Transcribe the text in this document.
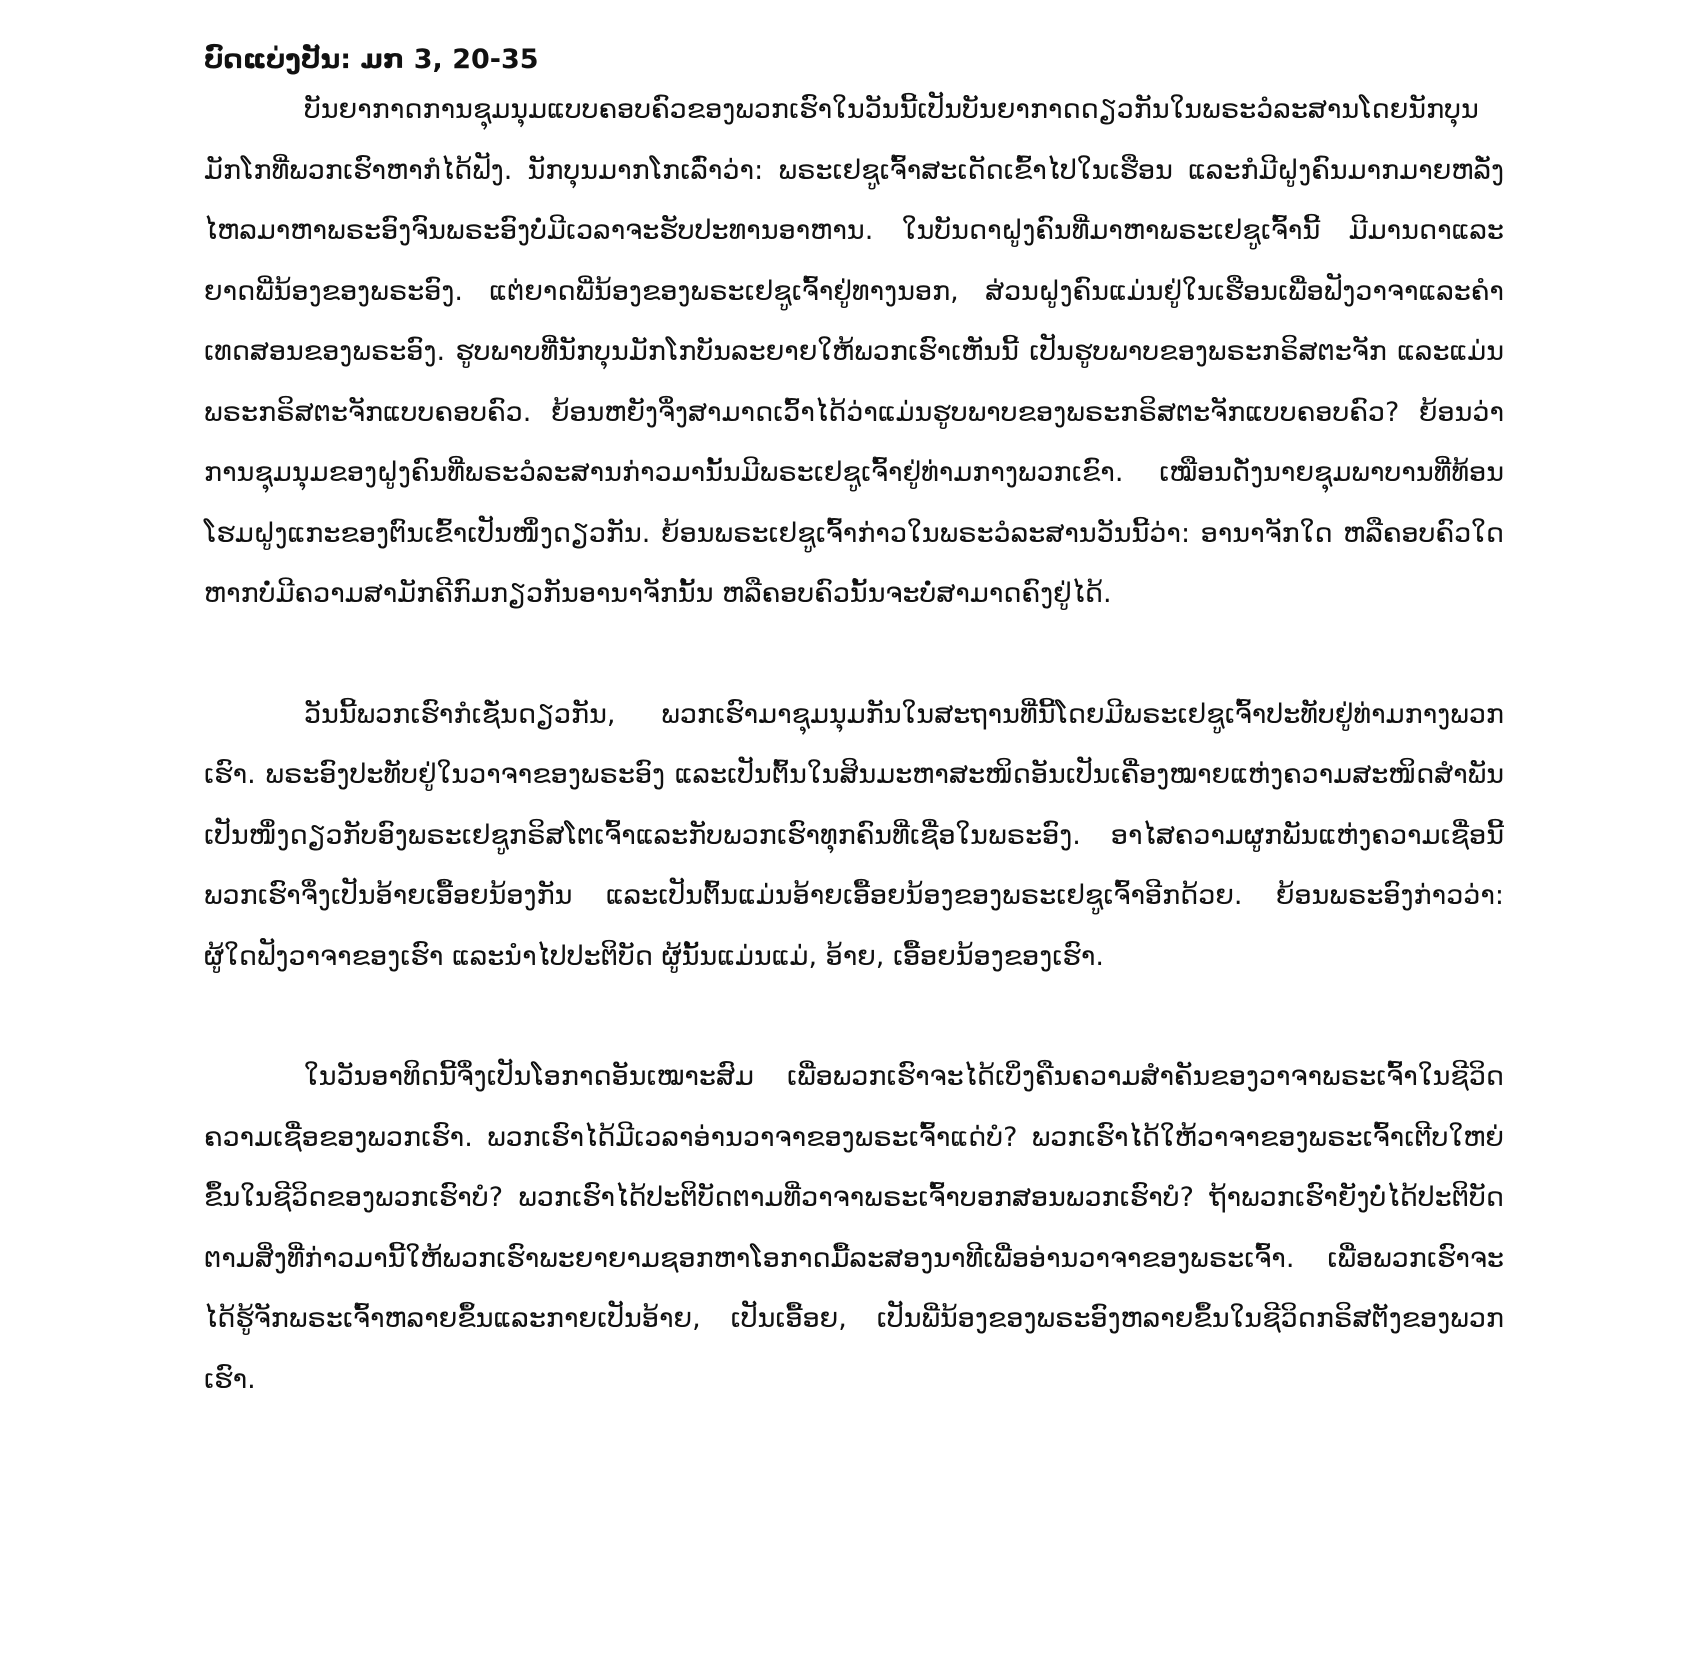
ບົດແບ່ງປັນ: ມກ 3, 20-35

ບັນຍາກາດການຊຸມນຸມແບບຄອບຄົວຂອງພວກເຮົາໃນວັນນີ້ເປັນບັນຍາກາດດຽວກັນໃນພຣະວໍລະສານໂດຍນັກບຸນມັກໂກທີ່ພວກເຮົາຫາກໍໄດ້ຟັງ. ນັກບຸນມາກໂກເລົ່າວ່າ: ພຣະເຢຊູເຈົ້າສະເດັດເຂົ້າໄປໃນເຮືອນ ແລະກໍມີຝູງຄົນມາກມາຍຫລັ່ງໄຫລມາຫາພຣະອົງຈົນພຣະອົງບໍ່ມີເວລາຈະຮັບປະທານອາຫານ. ໃນບັນດາຝູງຄົນທີ່ມາຫາພຣະເຢຊູເຈົ້ານີ້ ມີມານດາແລະຍາດພີ່ນ້ອງຂອງພຣະອົງ. ແຕ່ຍາດພີ່ນ້ອງຂອງພຣະເຢຊູເຈົ້າຢູ່ທາງນອກ, ສ່ວນຝູງຄົນແມ່ນຢູ່ໃນເຮືອນເພື່ອຟັງວາຈາແລະຄຳເທດສອນຂອງພຣະອົງ. ຮູບພາບທີ່ນັກບຸນມັກໂກບັນລະຍາຍໃຫ້ພວກເຮົາເຫັນນີ້ ເປັນຮູບພາບຂອງພຣະກຣິສຕະຈັກ ແລະແມ່ນພຣະກຣິສຕະຈັກແບບຄອບຄົວ. ຍ້ອນຫຍັງຈຶ່ງສາມາດເວົ້າໄດ້ວ່າແມ່ນຮູບພາບຂອງພຣະກຣິສຕະຈັກແບບຄອບຄົວ? ຍ້ອນວ່າການຊຸມນຸມຂອງຝູງຄົນທີ່ພຣະວໍລະສານກ່າວມານັ້ນມີພຣະເຢຊູເຈົ້າຢູ່ທ່າມກາງພວກເຂົາ. ເໝືອນດັ່ງນາຍຊຸມພາບານທີ່ທ້ອນໂຮມຝູງແກະຂອງຕົນເຂົ້າເປັນໜຶ່ງດຽວກັນ. ຍ້ອນພຣະເຢຊູເຈົ້າກ່າວໃນພຣະວໍລະສານວັນນີ້ວ່າ: ອານາຈັກໃດ ຫລືຄອບຄົວໃດຫາກບໍ່ມີຄວາມສາມັກຄີກົມກຽວກັນອານາຈັກນັ້ນ ຫລືຄອບຄົວນັ້ນຈະບໍ່ສາມາດຄົງຢູ່ໄດ້.

ວັນນີ້ພວກເຮົາກໍເຊັ່ນດຽວກັນ, ພວກເຮົາມາຊຸມນຸມກັນໃນສະຖານທີ່ນີ້ໂດຍມີພຣະເຢຊູເຈົ້າປະທັບຢູ່ທ່າມກາງພວກເຮົາ. ພຣະອົງປະທັບຢູ່ໃນວາຈາຂອງພຣະອົງ ແລະເປັນຕົ້ນໃນສິນມະຫາສະໜິດອັນເປັນເຄື່ອງໝາຍແຫ່ງຄວາມສະໜິດສຳພັນເປັນໜຶ່ງດຽວກັບອົງພຣະເຢຊູກຣິສໂຕເຈົ້າແລະກັບພວກເຮົາທຸກຄົນທີ່ເຊື່ອໃນພຣະອົງ. ອາໄສຄວາມຜູກພັນແຫ່ງຄວາມເຊື່ອນີ້ ພວກເຮົາຈຶ່ງເປັນອ້າຍເອື້ອຍນ້ອງກັນ ແລະເປັນຕົ້ນແມ່ນອ້າຍເອື້ອຍນ້ອງຂອງພຣະເຢຊູເຈົ້າອີກດ້ວຍ. ຍ້ອນພຣະອົງກ່າວວ່າ: ຜູ້ໃດຟັງວາຈາຂອງເຮົາ ແລະນຳໄປປະຕິບັດ ຜູ້ນັ້ນແມ່ນແມ່, ອ້າຍ, ເອື້ອຍນ້ອງຂອງເຮົາ.

ໃນວັນອາທິດນີ້ຈຶ່ງເປັນໂອກາດອັນເໝາະສົມ ເພື່ອພວກເຮົາຈະໄດ້ເບິ່ງຄືນຄວາມສຳຄັນຂອງວາຈາພຣະເຈົ້າໃນຊີວິດຄວາມເຊື່ອຂອງພວກເຮົາ. ພວກເຮົາໄດ້ມີເວລາອ່ານວາຈາຂອງພຣະເຈົ້າແດ່ບໍ? ພວກເຮົາໄດ້ໃຫ້ວາຈາຂອງພຣະເຈົ້າເຕີບໃຫຍ່ຂຶ້ນໃນຊີວິດຂອງພວກເຮົາບໍ? ພວກເຮົາໄດ້ປະຕິບັດຕາມທີ່ວາຈາພຣະເຈົ້າບອກສອນພວກເຮົາບໍ? ຖ້າພວກເຮົາຍັງບໍ່ໄດ້ປະຕິບັດຕາມສິ່ງທີ່ກ່າວມານີ້ໃຫ້ພວກເຮົາພະຍາຍາມຊອກຫາໂອກາດມື້ລະສອງນາທີເພື່ອອ່ານວາຈາຂອງພຣະເຈົ້າ. ເພື່ອພວກເຮົາຈະໄດ້ຮູ້ຈັກພຣະເຈົ້າຫລາຍຂຶ້ນແລະກາຍເປັນອ້າຍ, ເປັນເອື້ອຍ, ເປັນພີ່ນ້ອງຂອງພຣະອົງຫລາຍຂຶ້ນໃນຊີວິດກຣິສຕັງຂອງພວກເຮົາ.
